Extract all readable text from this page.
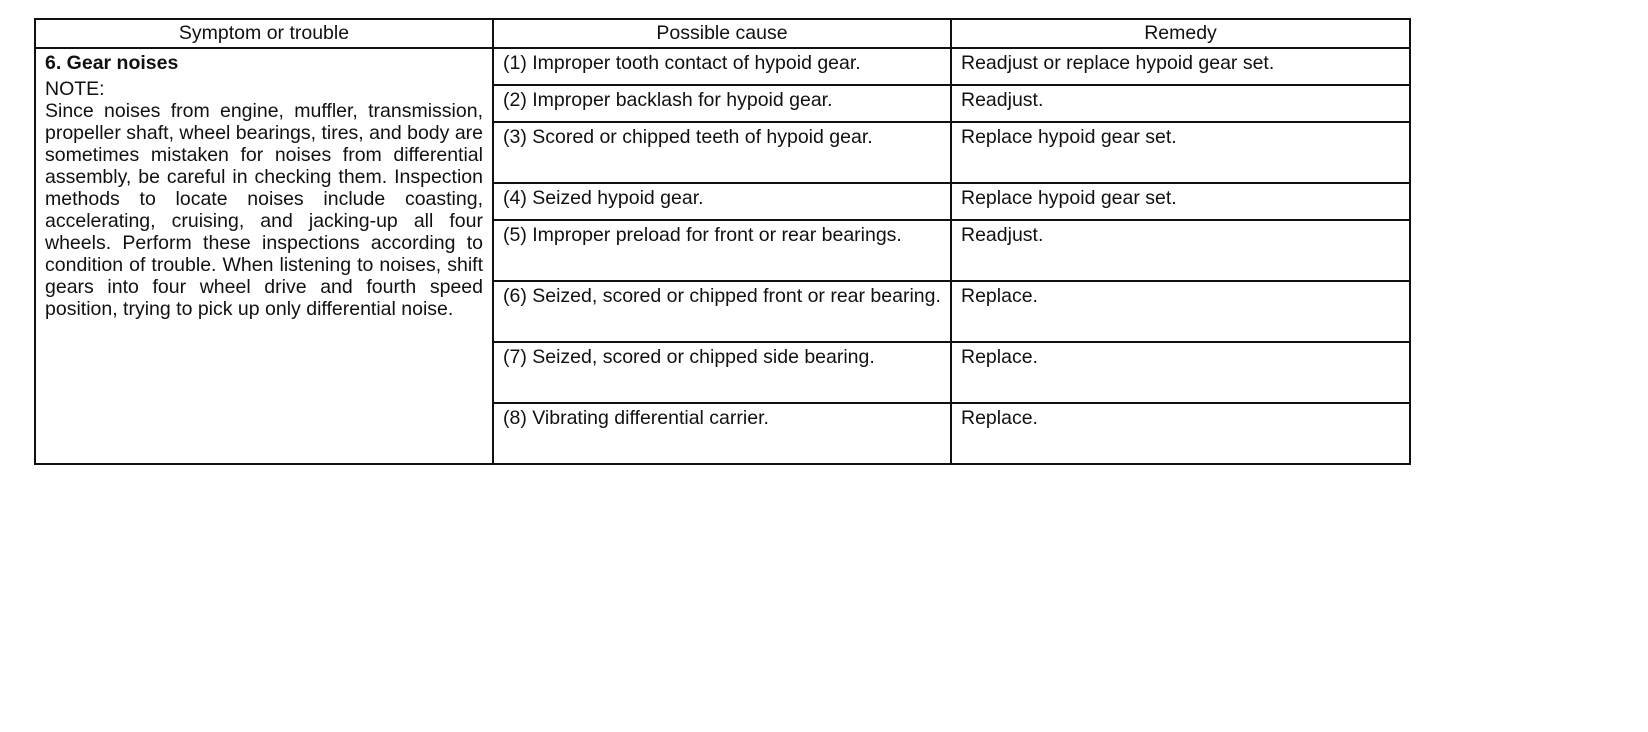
Symptom or trouble	Possible cause	Remedy

6. Gear noises
NOTE:
Since noises from engine, muffler, transmission, propeller shaft, wheel bearings, tires, and body are sometimes mistaken for noises from differential assembly, be careful in checking them. Inspection methods to locate noises include coasting, accelerating, cruising, and jacking-up all four wheels. Perform these inspections according to condition of trouble. When listening to noises, shift gears into four wheel drive and fourth speed position, trying to pick up only differential noise.	(1) Improper tooth contact of hypoid gear.	Readjust or replace hypoid gear set.
	(2) Improper backlash for hypoid gear.	Readjust.
	(3) Scored or chipped teeth of hypoid gear.	Replace hypoid gear set.
	(4) Seized hypoid gear.	Replace hypoid gear set.
	(5) Improper preload for front or rear bearings.	Readjust.
	(6) Seized, scored or chipped front or rear bearing.	Replace.
	(7) Seized, scored or chipped side bearing.	Replace.
	(8) Vibrating differential carrier.	Replace.
